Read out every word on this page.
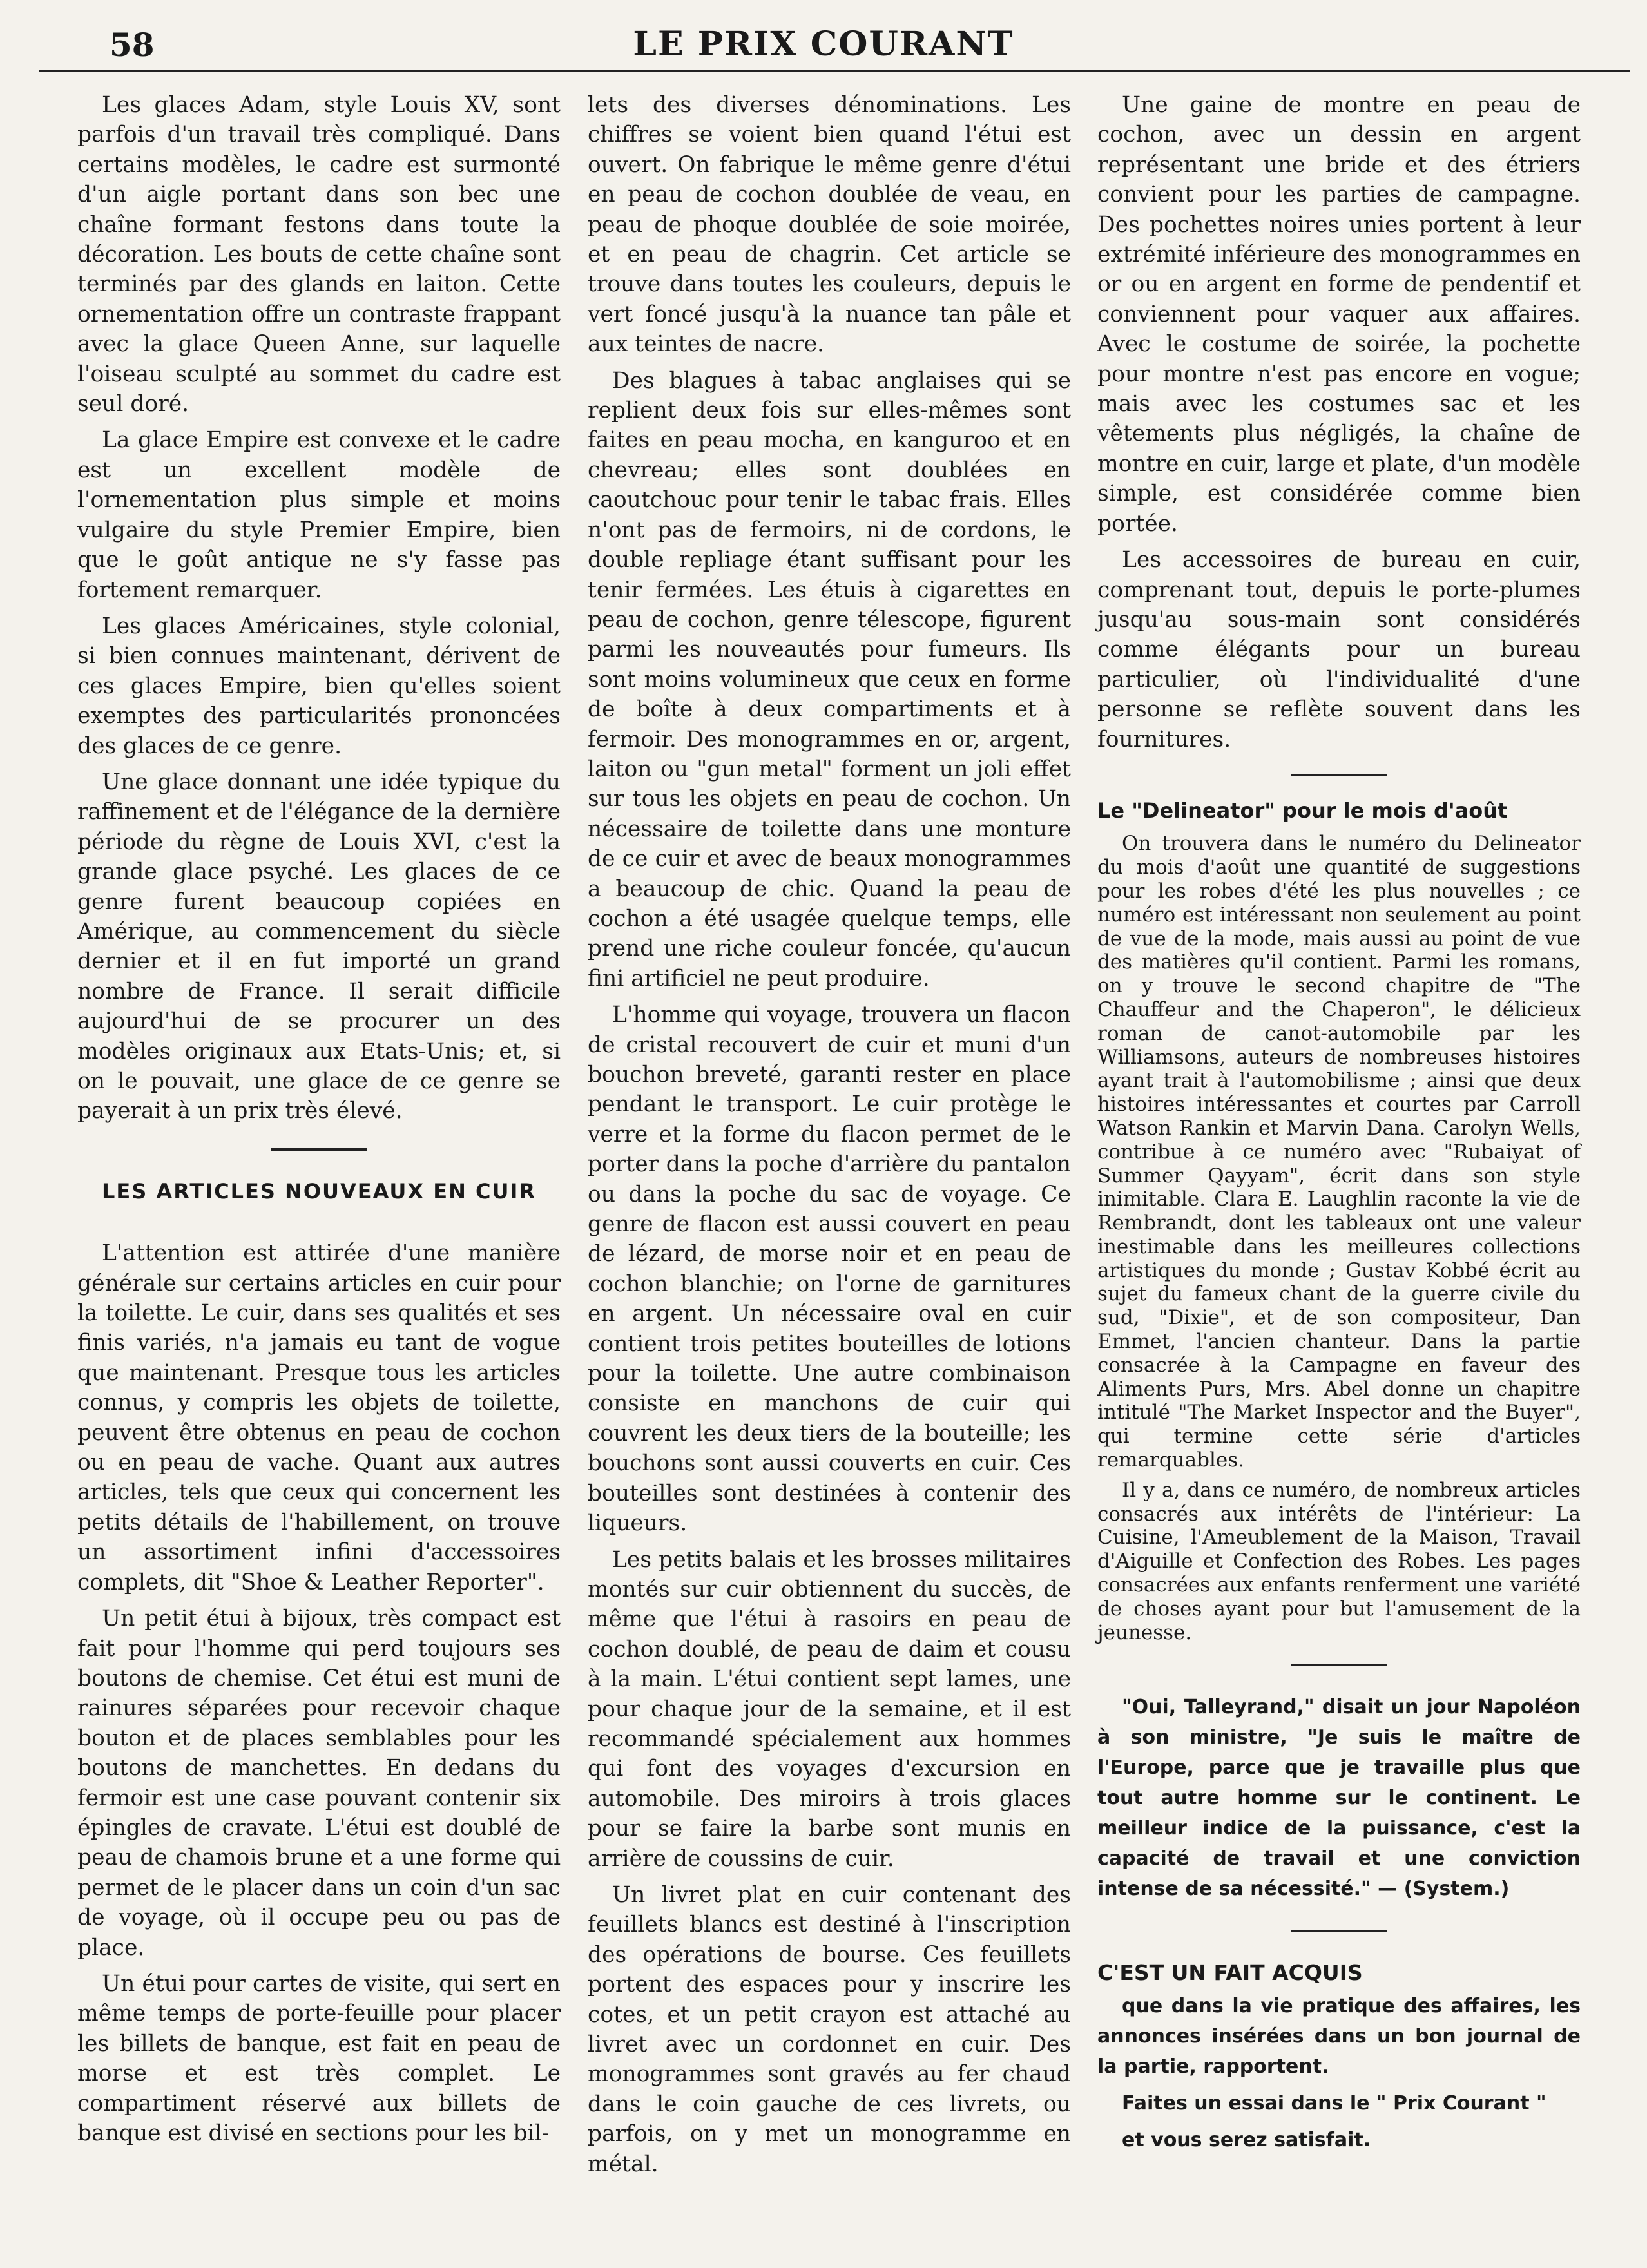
58	LE PRIX COURANT

Les glaces Adam, style Louis XV, sont parfois d'un travail très compliqué. Dans certains modèles, le cadre est surmonté d'un aigle portant dans son bec une chaîne formant festons dans toute la décoration. Les bouts de cette chaîne sont terminés par des glands en laiton. Cette ornementation offre un contraste frappant avec la glace Queen Anne, sur laquelle l'oiseau sculpté au sommet du cadre est seul doré.

La glace Empire est convexe et le cadre est un excellent modèle de l'ornementation plus simple et moins vulgaire du style Premier Empire, bien que le goût antique ne s'y fasse pas fortement remarquer.

Les glaces Américaines, style colonial, si bien connues maintenant, dérivent de ces glaces Empire, bien qu'elles soient exemptes des particularités prononcées des glaces de ce genre.

Une glace donnant une idée typique du raffinement et de l'élégance de la dernière période du règne de Louis XVI, c'est la grande glace psyché. Les glaces de ce genre furent beaucoup copiées en Amérique, au commencement du siècle dernier et il en fut importé un grand nombre de France. Il serait difficile aujourd'hui de se procurer un des modèles originaux aux Etats-Unis; et, si on le pouvait, une glace de ce genre se payerait à un prix très élevé.

LES ARTICLES NOUVEAUX EN CUIR

L'attention est attirée d'une manière générale sur certains articles en cuir pour la toilette. Le cuir, dans ses qualités et ses finis variés, n'a jamais eu tant de vogue que maintenant. Presque tous les articles connus, y compris les objets de toilette, peuvent être obtenus en peau de cochon ou en peau de vache. Quant aux autres articles, tels que ceux qui concernent les petits détails de l'habillement, on trouve un assortiment infini d'accessoires complets, dit "Shoe & Leather Reporter".

Un petit étui à bijoux, très compact est fait pour l'homme qui perd toujours ses boutons de chemise. Cet étui est muni de rainures séparées pour recevoir chaque bouton et de places semblables pour les boutons de manchettes. En dedans du fermoir est une case pouvant contenir six épingles de cravate. L'étui est doublé de peau de chamois brune et a une forme qui permet de le placer dans un coin d'un sac de voyage, où il occupe peu ou pas de place.

Un étui pour cartes de visite, qui sert en même temps de porte-feuille pour placer les billets de banque, est fait en peau de morse et est très complet. Le compartiment réservé aux billets de banque est divisé en sections pour les bil-

lets des diverses dénominations. Les chiffres se voient bien quand l'étui est ouvert. On fabrique le même genre d'étui en peau de cochon doublée de veau, en peau de phoque doublée de soie moirée, et en peau de chagrin. Cet article se trouve dans toutes les couleurs, depuis le vert foncé jusqu'à la nuance tan pâle et aux teintes de nacre.

Des blagues à tabac anglaises qui se replient deux fois sur elles-mêmes sont faites en peau mocha, en kanguroo et en chevreau; elles sont doublées en caoutchouc pour tenir le tabac frais. Elles n'ont pas de fermoirs, ni de cordons, le double repliage étant suffisant pour les tenir fermées. Les étuis à cigarettes en peau de cochon, genre télescope, figurent parmi les nouveautés pour fumeurs. Ils sont moins volumineux que ceux en forme de boîte à deux compartiments et à fermoir. Des monogrammes en or, argent, laiton ou "gun metal" forment un joli effet sur tous les objets en peau de cochon. Un nécessaire de toilette dans une monture de ce cuir et avec de beaux monogrammes a beaucoup de chic. Quand la peau de cochon a été usagée quelque temps, elle prend une riche couleur foncée, qu'aucun fini artificiel ne peut produire.

L'homme qui voyage, trouvera un flacon de cristal recouvert de cuir et muni d'un bouchon breveté, garanti rester en place pendant le transport. Le cuir protège le verre et la forme du flacon permet de le porter dans la poche d'arrière du pantalon ou dans la poche du sac de voyage. Ce genre de flacon est aussi couvert en peau de lézard, de morse noir et en peau de cochon blanchie; on l'orne de garnitures en argent. Un nécessaire oval en cuir contient trois petites bouteilles de lotions pour la toilette. Une autre combinaison consiste en manchons de cuir qui couvrent les deux tiers de la bouteille; les bouchons sont aussi couverts en cuir. Ces bouteilles sont destinées à contenir des liqueurs.

Les petits balais et les brosses militaires montés sur cuir obtiennent du succès, de même que l'étui à rasoirs en peau de cochon doublé, de peau de daim et cousu à la main. L'étui contient sept lames, une pour chaque jour de la semaine, et il est recommandé spécialement aux hommes qui font des voyages d'excursion en automobile. Des miroirs à trois glaces pour se faire la barbe sont munis en arrière de coussins de cuir.

Un livret plat en cuir contenant des feuillets blancs est destiné à l'inscription des opérations de bourse. Ces feuillets portent des espaces pour y inscrire les cotes, et un petit crayon est attaché au livret avec un cordonnet en cuir. Des monogrammes sont gravés au fer chaud dans le coin gauche de ces livrets, ou parfois, on y met un monogramme en métal.

Une gaine de montre en peau de cochon, avec un dessin en argent représentant une bride et des étriers convient pour les parties de campagne. Des pochettes noires unies portent à leur extrémité inférieure des monogrammes en or ou en argent en forme de pendentif et conviennent pour vaquer aux affaires. Avec le costume de soirée, la pochette pour montre n'est pas encore en vogue; mais avec les costumes sac et les vêtements plus négligés, la chaîne de montre en cuir, large et plate, d'un modèle simple, est considérée comme bien portée.

Les accessoires de bureau en cuir, comprenant tout, depuis le porte-plumes jusqu'au sous-main sont considérés comme élégants pour un bureau particulier, où l'individualité d'une personne se reflète souvent dans les fournitures.

Le "Delineator" pour le mois d'août

On trouvera dans le numéro du Delineator du mois d'août une quantité de suggestions pour les robes d'été les plus nouvelles ; ce numéro est intéressant non seulement au point de vue de la mode, mais aussi au point de vue des matières qu'il contient. Parmi les romans, on y trouve le second chapitre de "The Chauffeur and the Chaperon", le délicieux roman de canot-automobile par les Williamsons, auteurs de nombreuses histoires ayant trait à l'automobilisme ; ainsi que deux histoires intéressantes et courtes par Carroll Watson Rankin et Marvin Dana. Carolyn Wells, contribue à ce numéro avec "Rubaiyat of Summer Qayyam", écrit dans son style inimitable. Clara E. Laughlin raconte la vie de Rembrandt, dont les tableaux ont une valeur inestimable dans les meilleures collections artistiques du monde ; Gustav Kobbé écrit au sujet du fameux chant de la guerre civile du sud, "Dixie", et de son compositeur, Dan Emmet, l'ancien chanteur. Dans la partie consacrée à la Campagne en faveur des Aliments Purs, Mrs. Abel donne un chapitre intitulé "The Market Inspector and the Buyer", qui termine cette série d'articles remarquables.

Il y a, dans ce numéro, de nombreux articles consacrés aux intérêts de l'intérieur: La Cuisine, l'Ameublement de la Maison, Travail d'Aiguille et Confection des Robes. Les pages consacrées aux enfants renferment une variété de choses ayant pour but l'amusement de la jeunesse.

"Oui, Talleyrand," disait un jour Napoléon à son ministre, "Je suis le maître de l'Europe, parce que je travaille plus que tout autre homme sur le continent. Le meilleur indice de la puissance, c'est la capacité de travail et une conviction intense de sa nécessité." — (System.)

C'EST UN FAIT ACQUIS

que dans la vie pratique des affaires, les annonces insérées dans un bon journal de la partie, rapportent.

Faites un essai dans le " Prix Courant "

et vous serez satisfait.
